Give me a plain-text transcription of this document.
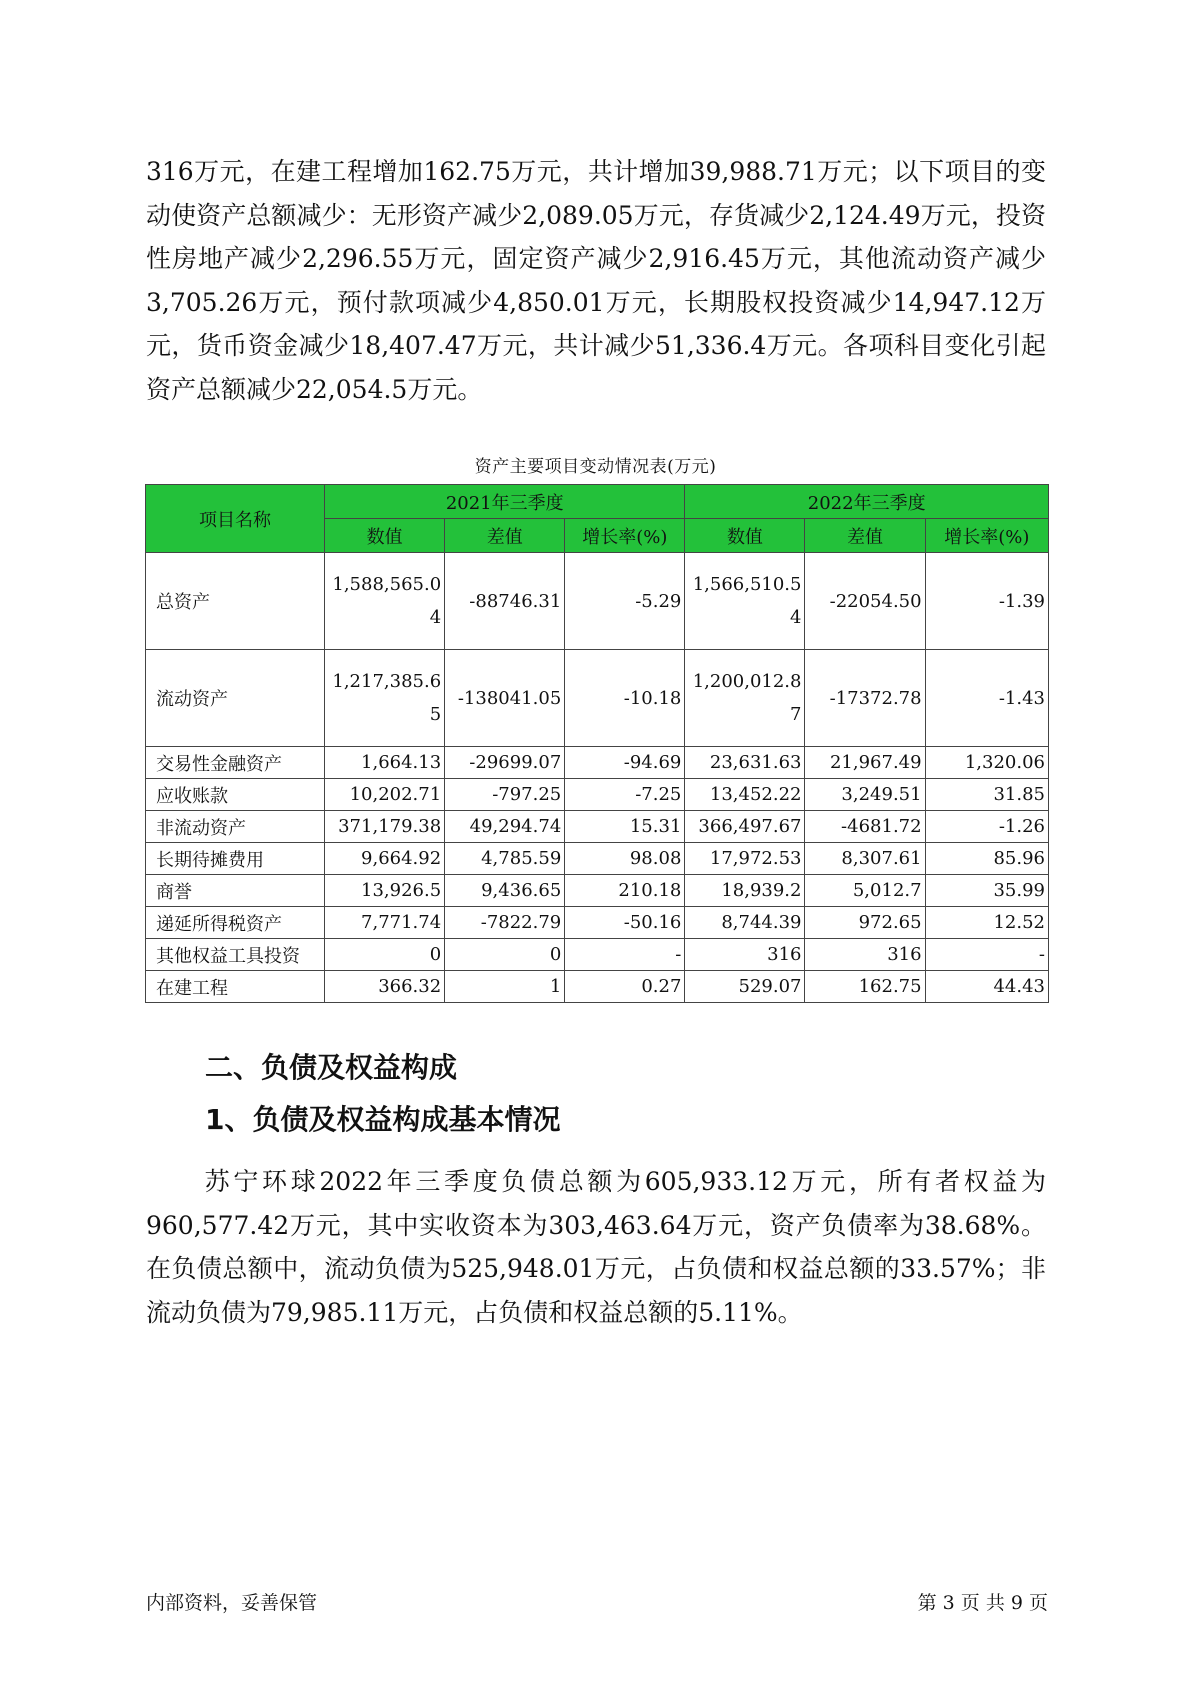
316万元，在建工程增加162.75万元，共计增加39,988.71万元；以下项目的变动使资产总额减少：无形资产减少2,089.05万元，存货减少2,124.49万元，投资性房地产减少2,296.55万元，固定资产减少2,916.45万元，其他流动资产减少3,705.26万元，预付款项减少4,850.01万元，长期股权投资减少14,947.12万元，货币资金减少18,407.47万元，共计减少51,336.4万元。各项科目变化引起资产总额减少22,054.5万元。

资产主要项目变动情况表(万元)
项目名称	2021年三季度			2022年三季度		
	数值	差值	增长率(%)	数值	差值	增长率(%)
总资产	1,588,565.04	-88746.31	-5.29	1,566,510.54	-22054.50	-1.39
流动资产	1,217,385.65	-138041.05	-10.18	1,200,012.87	-17372.78	-1.43
交易性金融资产	1,664.13	-29699.07	-94.69	23,631.63	21,967.49	1,320.06
应收账款	10,202.71	-797.25	-7.25	13,452.22	3,249.51	31.85
非流动资产	371,179.38	49,294.74	15.31	366,497.67	-4681.72	-1.26
长期待摊费用	9,664.92	4,785.59	98.08	17,972.53	8,307.61	85.96
商誉	13,926.5	9,436.65	210.18	18,939.2	5,012.7	35.99
递延所得税资产	7,771.74	-7822.79	-50.16	8,744.39	972.65	12.52
其他权益工具投资	0	0	-	316	316	-
在建工程	366.32	1	0.27	529.07	162.75	44.43
二、负债及权益构成
1、负债及权益构成基本情况

苏宁环球2022年三季度负债总额为605,933.12万元，所有者权益为960,577.42万元，其中实收资本为303,463.64万元，资产负债率为38.68%。在负债总额中，流动负债为525,948.01万元，占负债和权益总额的33.57%；非流动负债为79,985.11万元，占负债和权益总额的5.11%。

内部资料，妥善保管	第 3 页 共 9 页
